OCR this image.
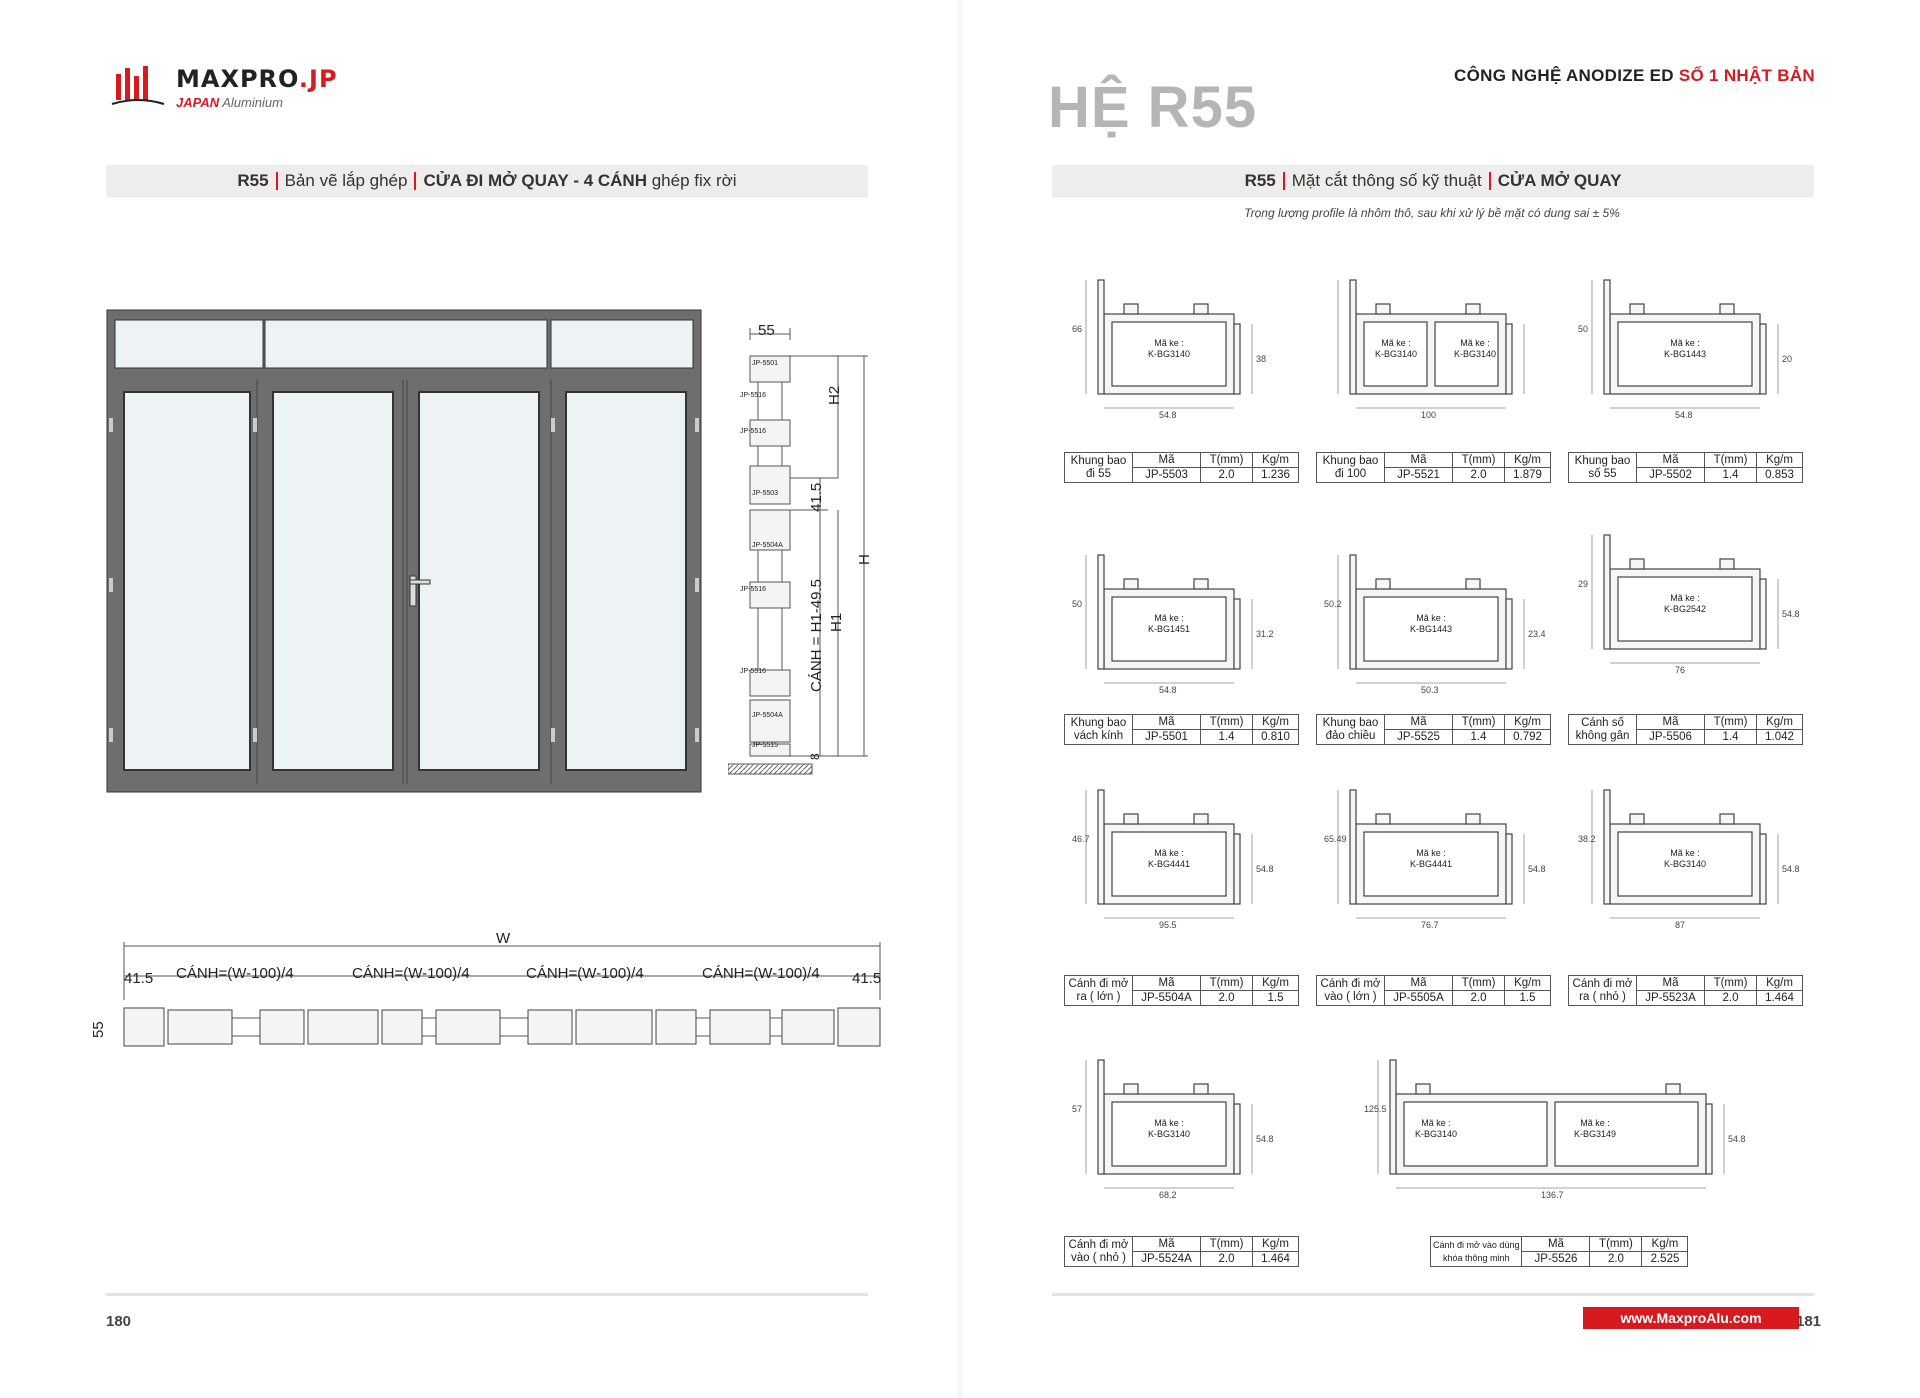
MAXPRO.JP
JAPAN Aluminium
R55 Bản vẽ lắp ghép CỬA ĐI MỞ QUAY - 4 CÁNH
ghép fix rời
55
H2
41.5
H
H1
CÁNH = H1-49.5
8
JP-5501
JP-5516
JP-5516
JP-5503
JP-5504A
JP-5516
JP-5516
JP-5504A
JP-5515
W
41.5	41.5
CÁNH=(W-100)/4	CÁNH=(W-100)/4	CÁNH=(W-100)/4	CÁNH=(W-100)/4
55
180
CÔNG NGHỆ ANODIZE ED SỐ 1 NHẬT BẢN
HỆ R55
R55 Mặt cắt thông số kỹ thuật CỬA MỞ QUAY
Trọng lượng profile là nhôm thô, sau khi xử lý bề mặt có dung sai ± 5%
Mã ke :
K-BG3140
66
38
54.8
Khung bao
đi 55	Mã	T(mm)	Kg/m
	JP-5503	2.0	1.236
Mã ke :
K-BG3140
Mã ke :
K-BG3140
100
Khung bao
đi 100	Mã	T(mm)	Kg/m
	JP-5521	2.0	1.879
Mã ke :
K-BG1443
50
20
54.8
Khung bao
số 55	Mã	T(mm)	Kg/m
	JP-5502	1.4	0.853
Mã ke :
K-BG1451
50
31.2
54.8
Khung bao
vách kính	Mã	T(mm)	Kg/m
	JP-5501	1.4	0.810
Mã ke :
K-BG1443
50.2
23.4
50.3
Khung bao
đảo chiều	Mã	T(mm)	Kg/m
	JP-5525	1.4	0.792
Mã ke :
K-BG2542
29
54.8
76
Cánh số
không gân	Mã	T(mm)	Kg/m
	JP-5506	1.4	1.042
Mã ke :
K-BG4441
46.7
54.8
95.5
Cánh đi mở
ra ( lớn )	Mã	T(mm)	Kg/m
	JP-5504A	2.0	1.5
Mã ke :
K-BG4441
65.49
54.8
76.7
Cánh đi mở
vào ( lớn )	Mã	T(mm)	Kg/m
	JP-5505A	2.0	1.5
Mã ke :
K-BG3140
38.2
54.8
87
Cánh đi mở
ra ( nhỏ )	Mã	T(mm)	Kg/m
	JP-5523A	2.0	1.464
Mã ke :
K-BG3140
57
54.8
68.2
Cánh đi mở
vào ( nhỏ )	Mã	T(mm)	Kg/m
	JP-5524A	2.0	1.464
Mã ke :
K-BG3140
Mã ke :
K-BG3149
125.5
54.8
136.7
Cánh đi mở vào dùng
khóa thông minh	Mã	T(mm)	Kg/m
	JP-5526	2.0	2.525
www.MaxproAlu.com	181
